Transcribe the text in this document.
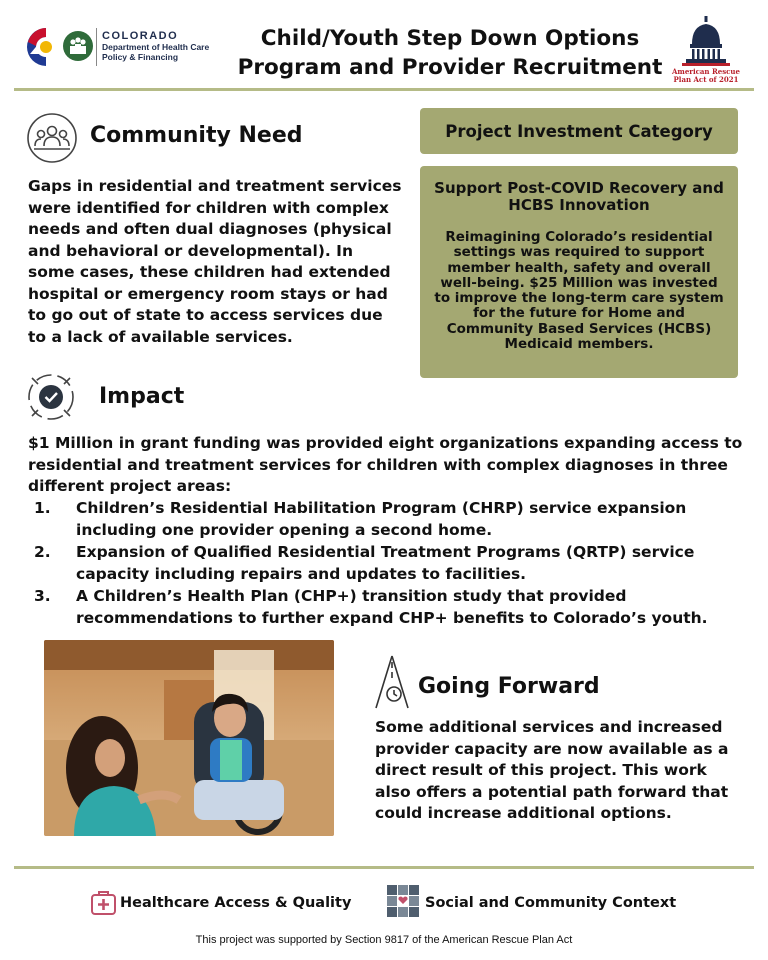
HCPF
COLORADO
Department of Health Care
Policy & Financing
Child/Youth Step Down Options
Program and Provider Recruitment	American Rescue
Plan Act of 2021
Community Need
Gaps in residential and treatment services were identified for children with complex needs and often dual diagnoses (physical and behavioral or developmental). In some cases, these children had extended hospital or emergency room stays or had to go out of state to access services due to a lack of available services.
Project Investment Category
Support Post-COVID Recovery and HCBS Innovation
Reimagining Colorado’s residential settings was required to support member health, safety and overall well-being. $25 Million was invested to improve the long-term care system for the future for Home and Community Based Services (HCBS) Medicaid members.
Impact
$1 Million in grant funding was provided eight organizations expanding access to residential and treatment services for children with complex diagnoses in three different project areas:
1. Children’s Residential Habilitation Program (CHRP) service expansion including one provider opening a second home.
2. Expansion of Qualified Residential Treatment Programs (QRTP) service capacity including repairs and updates to facilities.
3. A Children’s Health Plan (CHP+) transition study that provided recommendations to further expand CHP+ benefits to Colorado’s youth.
Going Forward
Some additional services and increased provider capacity are now available as a direct result of this project. This work also offers a potential path forward that could increase additional options.
Healthcare Access & Quality	Social and Community Context
This project was supported by Section 9817 of the American Rescue Plan Act
